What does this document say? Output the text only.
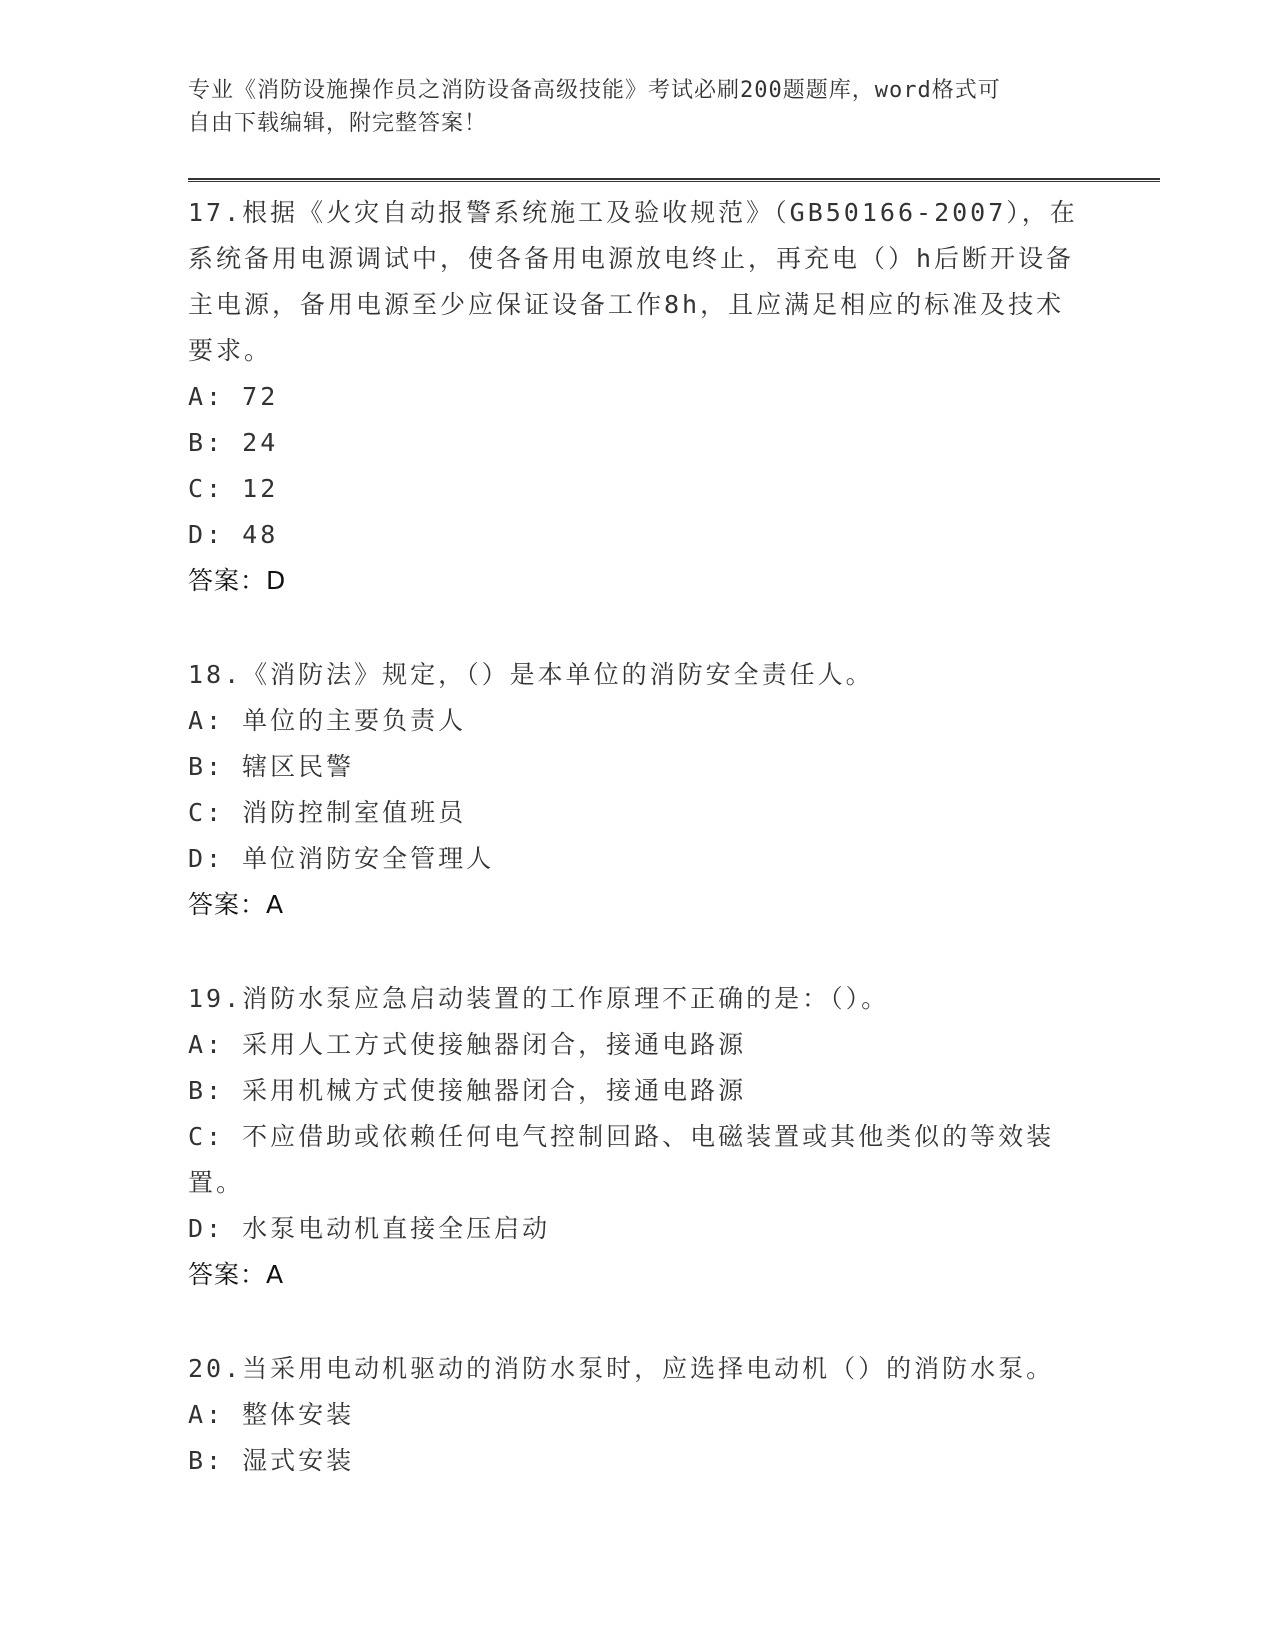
专业《消防设施操作员之消防设备高级技能》考试必刷200题题库，word格式可
自由下载编辑，附完整答案！
17.根据《火灾自动报警系统施工及验收规范》（GB50166-2007），在系统备用电源调试中，使各备用电源放电终止，再充电（）h后断开设备主电源，备用电源至少应保证设备工作8h，且应满足相应的标准及技术要求。
A: 72
B: 24
C: 12
D: 48
答案：D
18.《消防法》规定，（）是本单位的消防安全责任人。
A: 单位的主要负责人
B: 辖区民警
C: 消防控制室值班员
D: 单位消防安全管理人
答案：A
19.消防水泵应急启动装置的工作原理不正确的是：（）。
A: 采用人工方式使接触器闭合，接通电路源
B: 采用机械方式使接触器闭合，接通电路源
C: 不应借助或依赖任何电气控制回路、电磁装置或其他类似的等效装置。
D: 水泵电动机直接全压启动
答案：A
20.当采用电动机驱动的消防水泵时，应选择电动机（）的消防水泵。
A: 整体安装
B: 湿式安装
